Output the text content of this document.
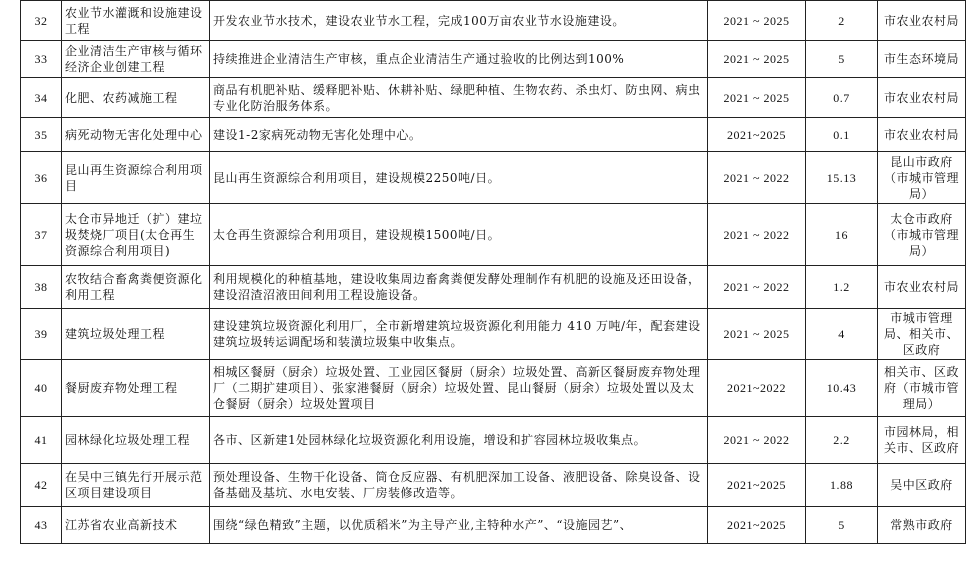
32	农业节水灌溉和设施建设工程	开发农业节水技术，建设农业节水工程，完成100万亩农业节水设施建设。	2021 ~ 2025	2	市农业农村局
33	企业清洁生产审核与循环经济企业创建工程	持续推进企业清洁生产审核，重点企业清洁生产通过验收的比例达到100%	2021 ~ 2025	5	市生态环境局
34	化肥、农药减施工程	商品有机肥补贴、缓释肥补贴、休耕补贴、绿肥种植、生物农药、杀虫灯、防虫网、病虫专业化防治服务体系。	2021 ~ 2025	0.7	市农业农村局
35	病死动物无害化处理中心	建设1-2家病死动物无害化处理中心。	2021~2025	0.1	市农业农村局
36	昆山再生资源综合利用项目	昆山再生资源综合利用项目，建设规模2250吨/日。	2021 ~ 2022	15.13	昆山市政府（市城市管理局）
37	太仓市异地迁（扩）建垃圾焚烧厂项目(太仓再生资源综合利用项目)	太仓再生资源综合利用项目，建设规模1500吨/日。	2021 ~ 2022	16	太仓市政府（市城市管理局）
38	农牧结合畜禽粪便资源化利用工程	利用规模化的种植基地，建设收集周边畜禽粪便发酵处理制作有机肥的设施及还田设备，建设沼渣沼液田间利用工程设施设备。	2021 ~ 2022	1.2	市农业农村局
39	建筑垃圾处理工程	建设建筑垃圾资源化利用厂，全市新增建筑垃圾资源化利用能力 410 万吨/年，配套建设建筑垃圾转运调配场和装潢垃圾集中收集点。	2021 ~ 2025	4	市城市管理局、相关市、区政府
40	餐厨废弃物处理工程	相城区餐厨（厨余）垃圾处置、工业园区餐厨（厨余）垃圾处置、高新区餐厨废弃物处理厂（二期扩建项目）、张家港餐厨（厨余）垃圾处置、昆山餐厨（厨余）垃圾处置以及太仓餐厨（厨余）垃圾处置项目	2021~2022	10.43	相关市、区政府（市城市管理局）
41	园林绿化垃圾处理工程	各市、区新建1处园林绿化垃圾资源化利用设施，增设和扩容园林垃圾收集点。	2021 ~ 2022	2.2	市园林局，相关市、区政府
42	在吴中三镇先行开展示范区项目建设项目	预处理设备、生物干化设备、筒仓反应器、有机肥深加工设备、液肥设备、除臭设备、设备基础及基坑、水电安装、厂房装修改造等。	2021~2025	1.88	吴中区政府
43	江苏省农业高新技术	围绕“绿色精致”主题，以优质稻米”为主导产业,主特种水产”、“设施园艺”、	2021~2025	5	常熟市政府
